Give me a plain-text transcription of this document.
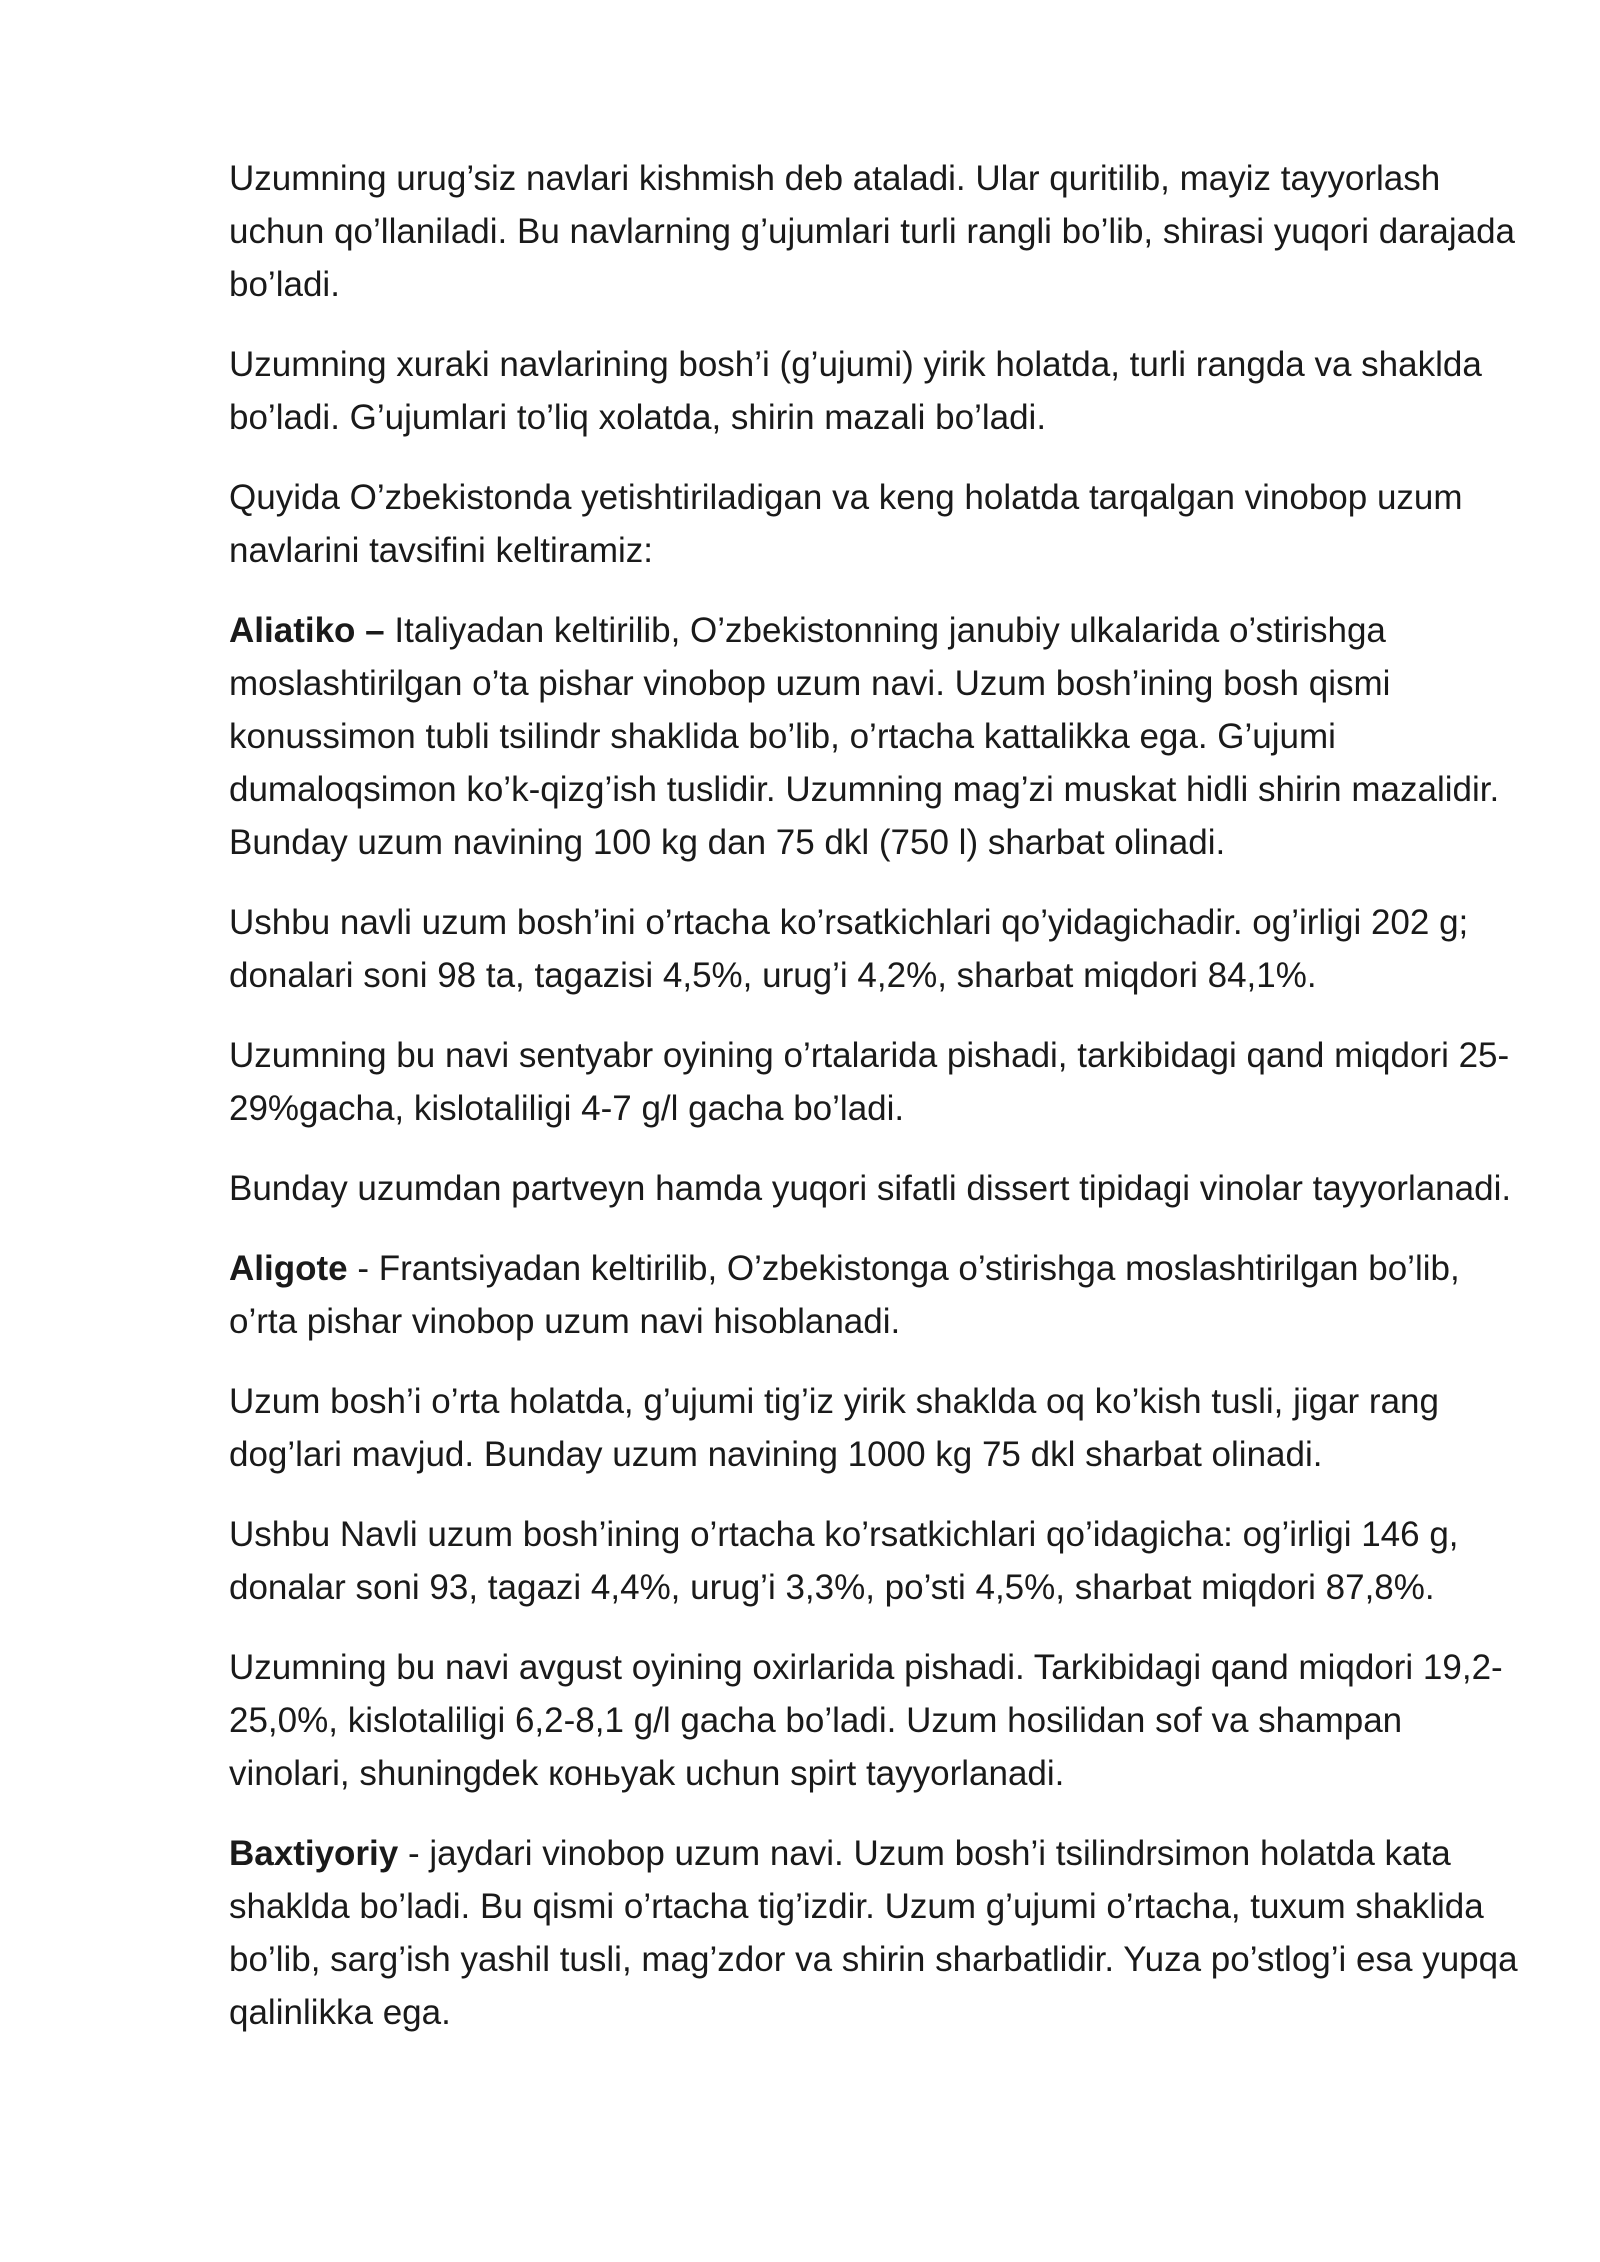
Uzumning urug’siz navlari kishmish deb ataladi. Ular quritilib, mayiz tayyorlash uchun qo’llaniladi. Bu navlarning g’ujumlari turli rangli bo’lib, shirasi yuqori darajada bo’ladi.

Uzumning xuraki navlarining bosh’i (g’ujumi) yirik holatda, turli rangda va shaklda bo’ladi. G’ujumlari to’liq xolatda, shirin mazali bo’ladi.

Quyida O’zbekistonda yetishtiriladigan va keng holatda tarqalgan vinobop uzum navlarini tavsifini keltiramiz:

Aliatiko – Italiyadan keltirilib, O’zbekistonning janubiy ulkalarida o’stirishga moslashtirilgan o’ta pishar vinobop uzum navi. Uzum bosh’ining bosh qismi konussimon tubli tsilindr shaklida bo’lib, o’rtacha kattalikka ega. G’ujumi dumaloqsimon ko’k-qizg’ish tuslidir. Uzumning mag’zi muskat hidli shirin mazalidir. Bunday uzum navining 100 kg dan 75 dkl (750 l) sharbat olinadi.

Ushbu navli uzum bosh’ini o’rtacha ko’rsatkichlari qo’yidagichadir. og’irligi 202 g; donalari soni 98 ta, tagazisi 4,5%, urug’i 4,2%, sharbat miqdori 84,1%.

Uzumning bu navi sentyabr oyining o’rtalarida pishadi, tarkibidagi qand miqdori 25-29%gacha, kislotaliligi 4-7 g/l gacha bo’ladi.

Bunday uzumdan partveyn hamda yuqori sifatli dissert tipidagi vinolar tayyorlanadi.

Aligote - Frantsiyadan keltirilib, O’zbekistonga o’stirishga moslashtirilgan bo’lib, o’rta pishar vinobop uzum navi hisoblanadi.

Uzum bosh’i o’rta holatda, g’ujumi tig’iz yirik shaklda oq ko’kish tusli, jigar rang dog’lari mavjud. Bunday uzum navining 1000 kg 75 dkl sharbat olinadi.

Ushbu Navli uzum bosh’ining o’rtacha ko’rsatkichlari qo’idagicha: og’irligi 146 g, donalar soni 93, tagazi 4,4%, urug’i 3,3%, po’sti 4,5%, sharbat miqdori 87,8%.

Uzumning bu navi avgust oyining oxirlarida pishadi. Tarkibidagi qand miqdori 19,2-25,0%, kislotaliligi 6,2-8,1 g/l gacha bo’ladi. Uzum hosilidan sof va shampan vinolari, shuningdek коньyak uchun spirt tayyorlanadi.

Baxtiyoriy - jaydari vinobop uzum navi. Uzum bosh’i tsilindrsimon holatda kata shaklda bo’ladi. Bu qismi o’rtacha tig’izdir. Uzum g’ujumi o’rtacha, tuxum shaklida bo’lib, sarg’ish yashil tusli, mag’zdor va shirin sharbatlidir. Yuza po’stlog’i esa yupqa qalinlikka ega.
